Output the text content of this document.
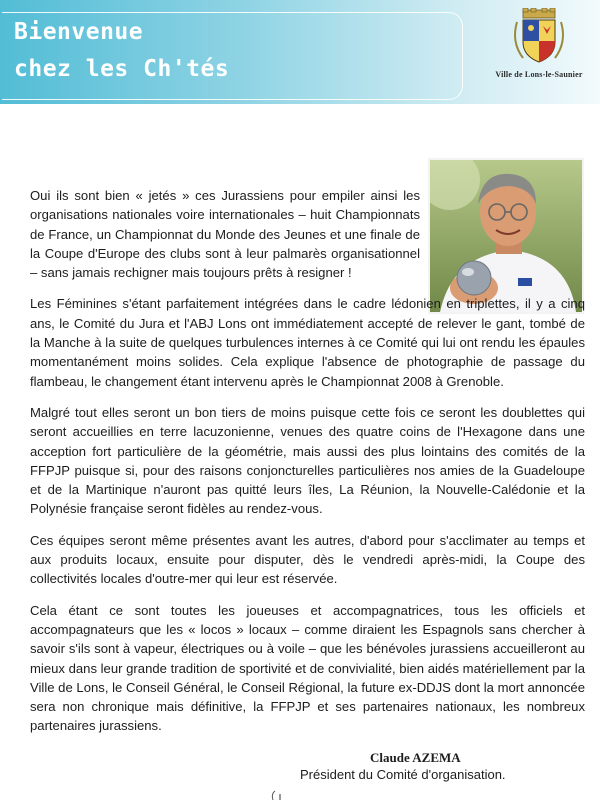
Bienvenue
chez les Ch'tés	Ville de Lons-le-Saunier

Oui ils sont bien « jetés » ces Jurassiens pour empiler ainsi les organisations nationales voire internationales – huit Championnats de France, un Championnat du Monde des Jeunes et une finale de la Coupe d'Europe des clubs sont à leur palmarès organisationnel – sans jamais rechigner mais toujours prêts à resigner !

Les Féminines s'étant parfaitement intégrées dans le cadre lédonien en triplettes, il y a cinq ans, le Comité du Jura et l'ABJ Lons ont immédiatement accepté de relever le gant, tombé de la Manche à la suite de quelques turbulences internes à ce Comité qui lui ont rendu les épaules momentanément moins solides. Cela explique l'absence de photographie de passage du flambeau, le changement étant intervenu après le Championnat 2008 à Grenoble.

Malgré tout elles seront un bon tiers de moins puisque cette fois ce seront les doublettes qui seront accueillies en terre lacuzonienne, venues des quatre coins de l'Hexagone dans une acception fort particulière de la géométrie, mais aussi des plus lointains des comités de la FFPJP puisque si, pour des raisons conjoncturelles particulières nos amies de la Guadeloupe et de la Martinique n'auront pas quitté leurs îles, La Réunion, la Nouvelle-Calédonie et la Polynésie française seront fidèles au rendez-vous.

Ces équipes seront même présentes avant les autres, d'abord pour s'acclimater au temps et aux produits locaux, ensuite pour disputer, dès le vendredi après-midi, la Coupe des collectivités locales d'outre-mer qui leur est réservée.

Cela étant ce sont toutes les joueuses et accompagnatrices, tous les officiels et accompagnateurs que les « locos » locaux – comme diraient les Espagnols sans chercher à savoir s'ils sont à vapeur, électriques ou à voile – que les bénévoles jurassiens accueilleront au mieux dans leur grande tradition de sportivité et de convivialité, bien aidés matériellement par la Ville de Lons, le Conseil Général, le Conseil Régional, la future ex-DDJS dont la mort annoncée sera non chronique mais définitive, la FFPJP et ses partenaires nationaux, les nombreux partenaires jurassiens.

Claude AZEMA
Président du Comité d'organisation.
